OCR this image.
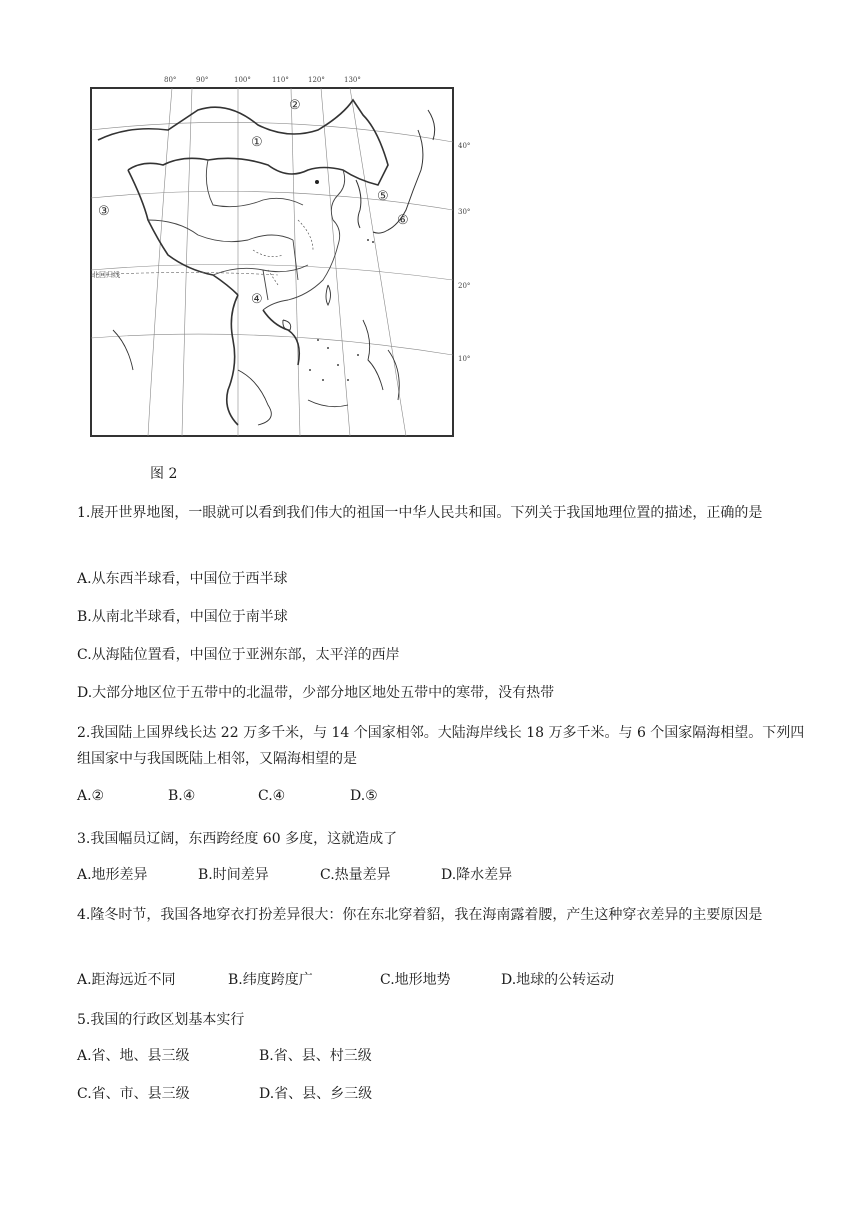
80°	90°	100°	110°	120°	130°
40°
30°
20°
10°
北回归线
①
②
③
④
⑤
⑥
图 2
1.展开世界地图，一眼就可以看到我们伟大的祖国一中华人民共和国。下列关于我国地理位置的描述，正确的是
A.从东西半球看，中国位于西半球
B.从南北半球看，中国位于南半球
C.从海陆位置看，中国位于亚洲东部，太平洋的西岸
D.大部分地区位于五带中的北温带，少部分地区地处五带中的寒带，没有热带
2.我国陆上国界线长达 22 万多千米，与 14 个国家相邻。大陆海岸线长 18 万多千米。与 6 个国家隔海相望。下列四组国家中与我国既陆上相邻，又隔海相望的是
A.②	B.④	C.④	D.⑤
3.我国幅员辽阔，东西跨经度 60 多度，这就造成了
A.地形差异	B.时间差异	C.热量差异	D.降水差异
4.隆冬时节，我国各地穿衣打扮差异很大：你在东北穿着貂，我在海南露着腰，产生这种穿衣差异的主要原因是
A.距海远近不同	B.纬度跨度广	C.地形地势	D.地球的公转运动
5.我国的行政区划基本实行
A.省、地、县三级	B.省、县、村三级
C.省、市、县三级	D.省、县、乡三级
